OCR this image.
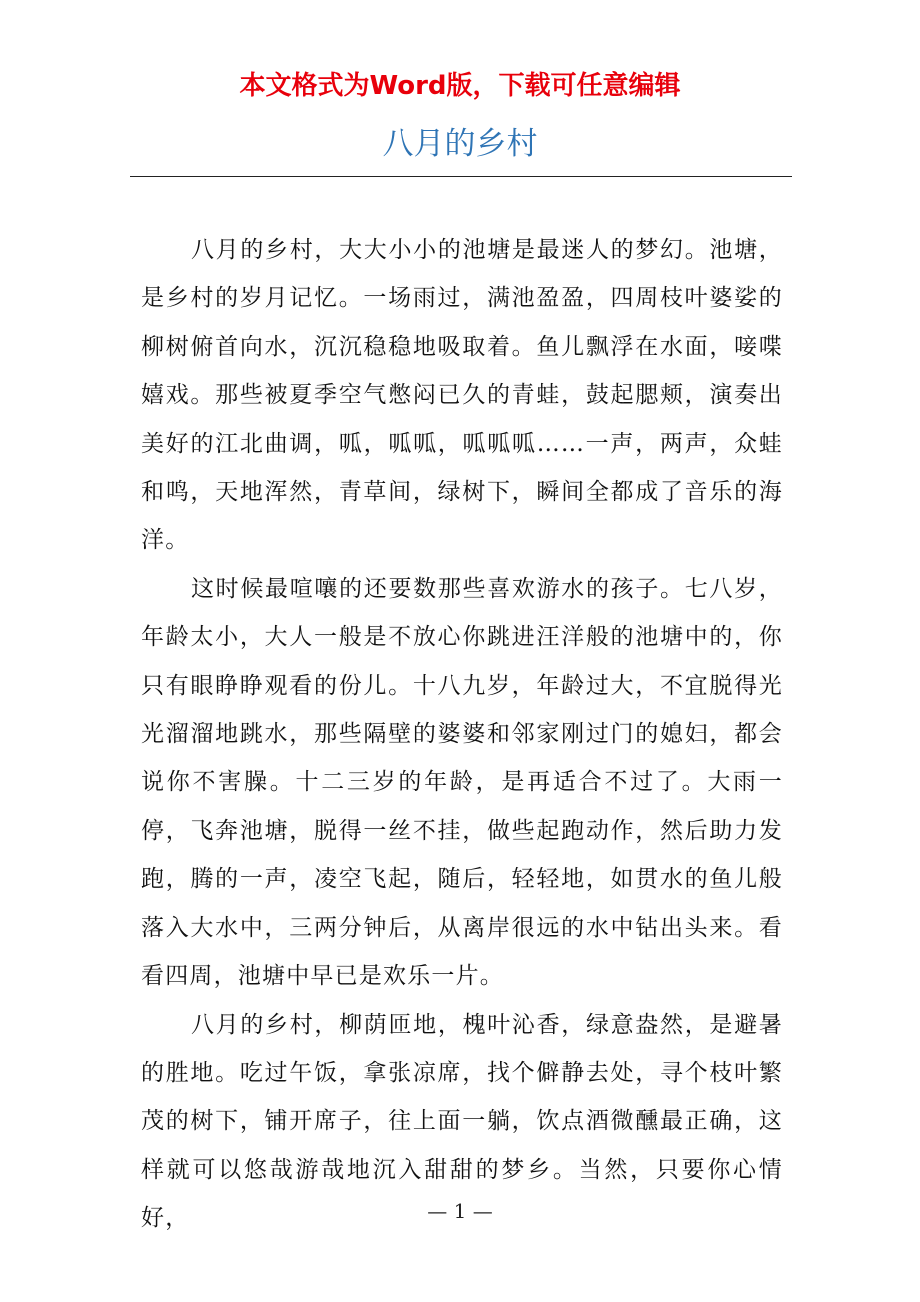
本文格式为Word版，下载可任意编辑
八月的乡村

八月的乡村，大大小小的池塘是最迷人的梦幻。池塘，是乡村的岁月记忆。一场雨过，满池盈盈，四周枝叶婆娑的柳树俯首向水，沉沉稳稳地吸取着。鱼儿飘浮在水面，唼喋嬉戏。那些被夏季空气憋闷已久的青蛙，鼓起腮颊，演奏出美好的江北曲调，呱，呱呱，呱呱呱……一声，两声，众蛙和鸣，天地浑然，青草间，绿树下，瞬间全都成了音乐的海洋。

这时候最喧嚷的还要数那些喜欢游水的孩子。七八岁，年龄太小，大人一般是不放心你跳进汪洋般的池塘中的，你只有眼睁睁观看的份儿。十八九岁，年龄过大，不宜脱得光光溜溜地跳水，那些隔壁的婆婆和邻家刚过门的媳妇，都会说你不害臊。十二三岁的年龄，是再适合不过了。大雨一停，飞奔池塘，脱得一丝不挂，做些起跑动作，然后助力发跑，腾的一声，凌空飞起，随后，轻轻地，如贯水的鱼儿般落入大水中，三两分钟后，从离岸很远的水中钻出头来。看看四周，池塘中早已是欢乐一片。

八月的乡村，柳荫匝地，槐叶沁香，绿意盎然，是避暑的胜地。吃过午饭，拿张凉席，找个僻静去处，寻个枝叶繁茂的树下，铺开席子，往上面一躺，饮点酒微醺最正确，这样就可以悠哉游哉地沉入甜甜的梦乡。当然，只要你心情好，	— 1 —
